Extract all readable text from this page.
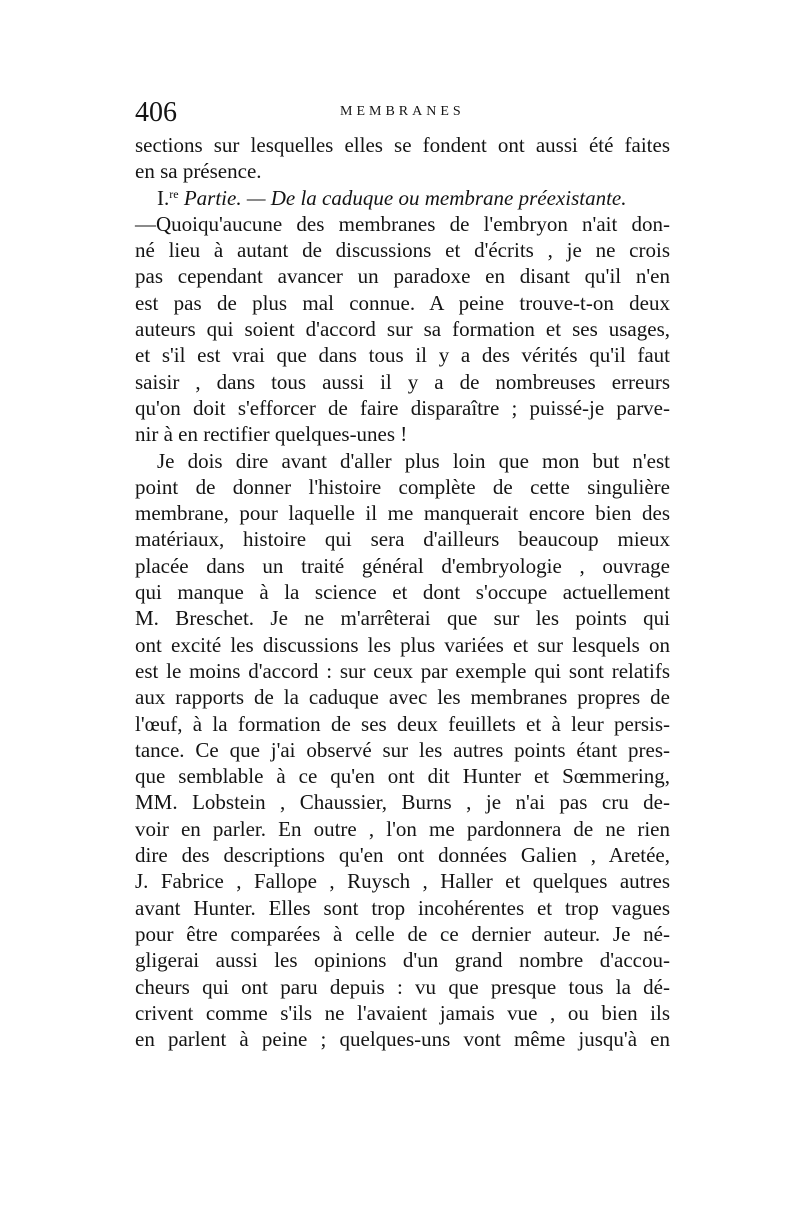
406	MEMBRANES
sections sur lesquelles elles se fondent ont aussi été faites
en sa présence.
I.$^{re}$ Partie. — De la caduque ou membrane préexistante.
—Quoiqu'aucune des membranes de l'embryon n'ait don-
né lieu à autant de discussions et d'écrits , je ne crois
pas cependant avancer un paradoxe en disant qu'il n'en
est pas de plus mal connue. A peine trouve-t-on deux
auteurs qui soient d'accord sur sa formation et ses usages,
et s'il est vrai que dans tous il y a des vérités qu'il faut
saisir , dans tous aussi il y a de nombreuses erreurs
qu'on doit s'efforcer de faire disparaître ; puissé-je parve-
nir à en rectifier quelques-unes !
Je dois dire avant d'aller plus loin que mon but n'est
point de donner l'histoire complète de cette singulière
membrane, pour laquelle il me manquerait encore bien des
matériaux, histoire qui sera d'ailleurs beaucoup mieux
placée dans un traité général d'embryologie , ouvrage
qui manque à la science et dont s'occupe actuellement
M. Breschet. Je ne m'arrêterai que sur les points qui
ont excité les discussions les plus variées et sur lesquels on
est le moins d'accord : sur ceux par exemple qui sont relatifs
aux rapports de la caduque avec les membranes propres de
l'œuf, à la formation de ses deux feuillets et à leur persis-
tance. Ce que j'ai observé sur les autres points étant pres-
que semblable à ce qu'en ont dit Hunter et Sœmmering,
MM. Lobstein , Chaussier, Burns , je n'ai pas cru de-
voir en parler. En outre , l'on me pardonnera de ne rien
dire des descriptions qu'en ont données Galien , Aretée,
J. Fabrice , Fallope , Ruysch , Haller et quelques autres
avant Hunter. Elles sont trop incohérentes et trop vagues
pour être comparées à celle de ce dernier auteur. Je né-
gligerai aussi les opinions d'un grand nombre d'accou-
cheurs qui ont paru depuis : vu que presque tous la dé-
crivent comme s'ils ne l'avaient jamais vue , ou bien ils
en parlent à peine ; quelques-uns vont même jusqu'à en
